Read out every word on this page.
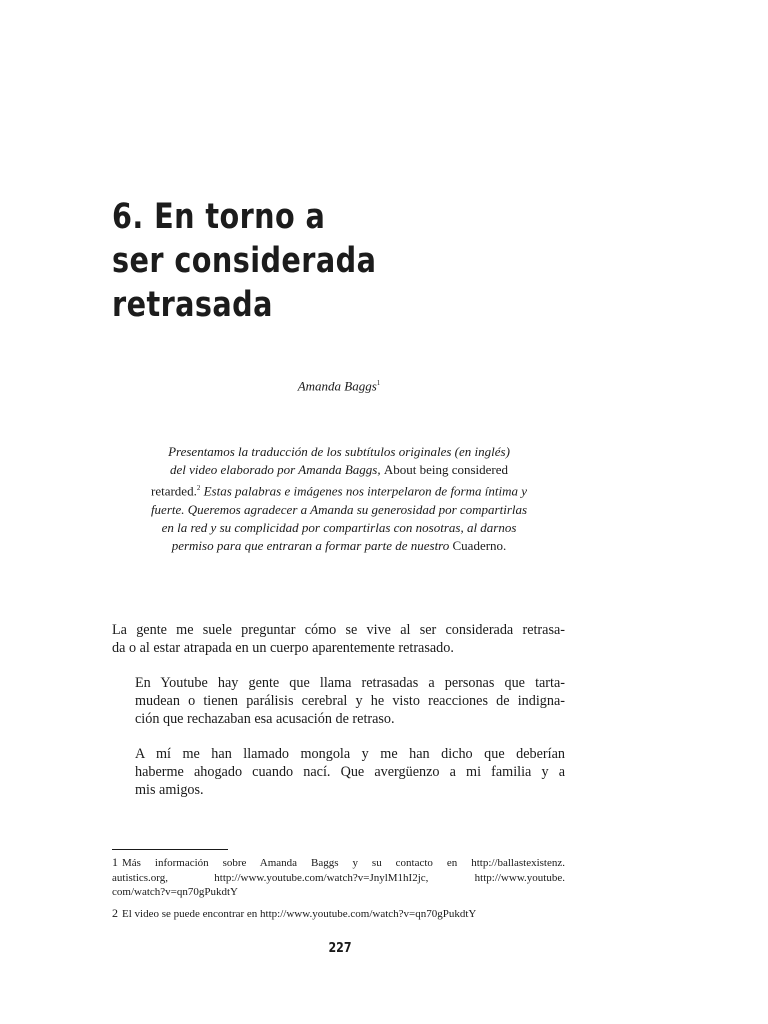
6. En torno a
ser considerada
retrasada
Amanda Baggs$^1$
Presentamos la traducción de los subtítulos originales (en inglés)
del video elaborado por Amanda Baggs, About being considered
retarded.$^2$ Estas palabras e imágenes nos interpelaron de forma íntima y
fuerte. Queremos agradecer a Amanda su generosidad por compartirlas
en la red y su complicidad por compartirlas con nosotras, al darnos
permiso para que entraran a formar parte de nuestro Cuaderno.

La gente me suele preguntar cómo se vive al ser considerada retrasa-
da o al estar atrapada en un cuerpo aparentemente retrasado.

En Youtube hay gente que llama retrasadas a personas que tarta-
mudean o tienen parálisis cerebral y he visto reacciones de indigna-
ción que rechazaban esa acusación de retraso.

A mí me han llamado mongola y me han dicho que deberían
haberme ahogado cuando nací. Que avergüenzo a mi familia y a
mis amigos.

1 Más información sobre Amanda Baggs y su contacto en http://ballastexistenz.
autistics.org, http://www.youtube.com/watch?v=JnylM1hI2jc, http://www.youtube.
com/watch?v=qn70gPukdtY
2 El video se puede encontrar en http://www.youtube.com/watch?v=qn70gPukdtY
227
